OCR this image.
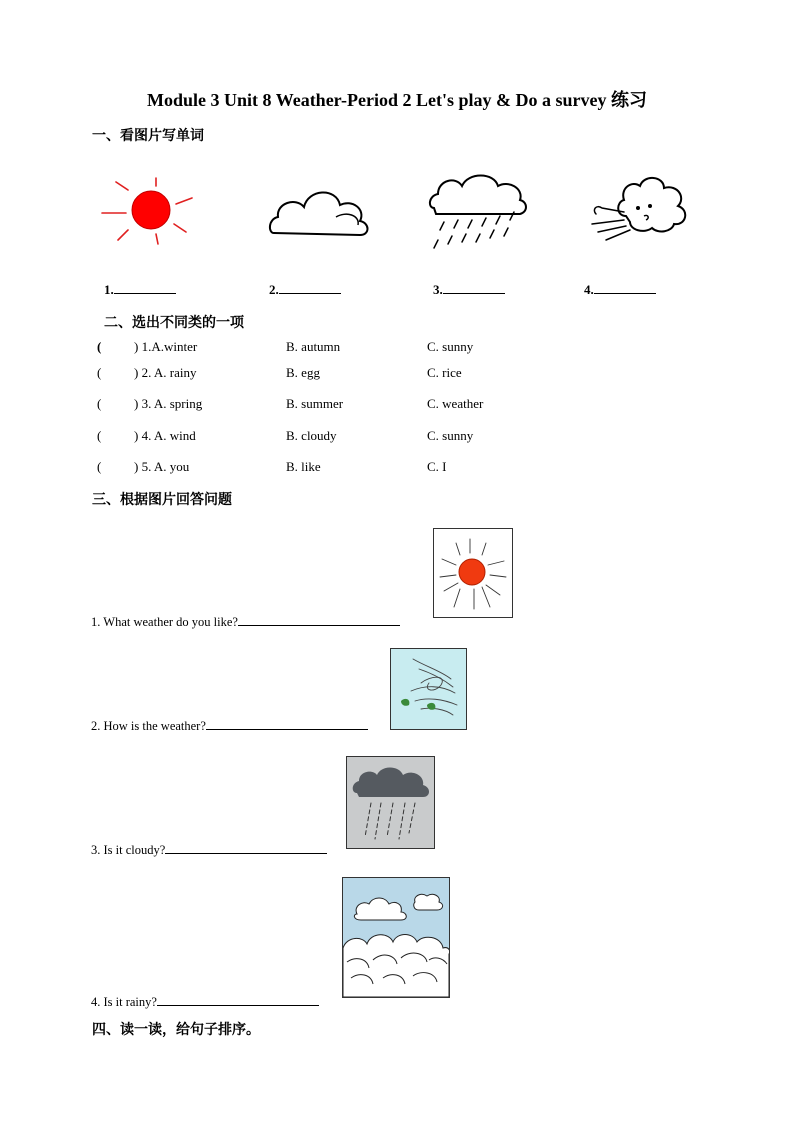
Module 3 Unit 8 Weather-Period 2 Let's play & Do a survey 练习
一、看图片写单词
1.	2.	3.	4.
二、选出不同类的一项
(	) 1.A.winter	B. autumn	C. sunny
(	) 2. A. rainy	B. egg	C. rice
(	) 3. A. spring	B. summer	C. weather
(	) 4. A. wind	B. cloudy	C. sunny
(	) 5. A. you	B. like	C. I
三、根据图片回答问题
1. What weather do you like?
2. How is the weather?
3. Is it cloudy?
4. Is it rainy?
四、读一读，给句子排序。
